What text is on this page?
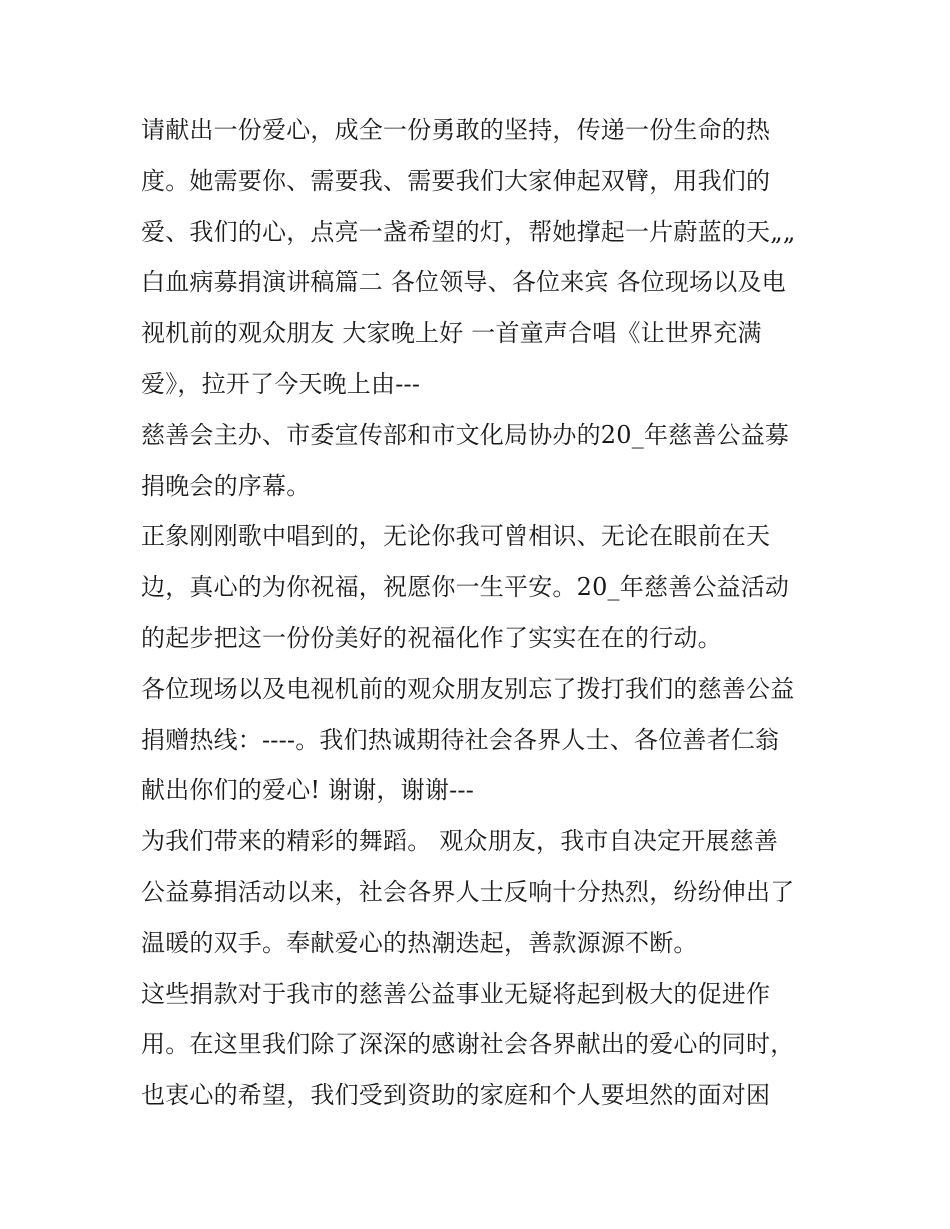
请献出一份爱心，成全一份勇敢的坚持，传递一份生命的热
度。她需要你、需要我、需要我们大家伸起双臂，用我们的
爱、我们的心，点亮一盏希望的灯，帮她撑起一片蔚蓝的天„„
白血病募捐演讲稿篇二 各位领导、各位来宾 各位现场以及电
视机前的观众朋友 大家晚上好 一首童声合唱《让世界充满
爱》，拉开了今天晚上由---
慈善会主办、市委宣传部和市文化局协办的20_年慈善公益募
捐晚会的序幕。
正象刚刚歌中唱到的，无论你我可曾相识、无论在眼前在天
边，真心的为你祝福，祝愿你一生平安。20_年慈善公益活动
的起步把这一份份美好的祝福化作了实实在在的行动。
各位现场以及电视机前的观众朋友别忘了拨打我们的慈善公益
捐赠热线：----。我们热诚期待社会各界人士、各位善者仁翁
献出你们的爱心! 谢谢，谢谢---
为我们带来的精彩的舞蹈。 观众朋友，我市自决定开展慈善
公益募捐活动以来，社会各界人士反响十分热烈，纷纷伸出了
温暖的双手。奉献爱心的热潮迭起，善款源源不断。
这些捐款对于我市的慈善公益事业无疑将起到极大的促进作
用。在这里我们除了深深的感谢社会各界献出的爱心的同时，
也衷心的希望，我们受到资助的家庭和个人要坦然的面对困
